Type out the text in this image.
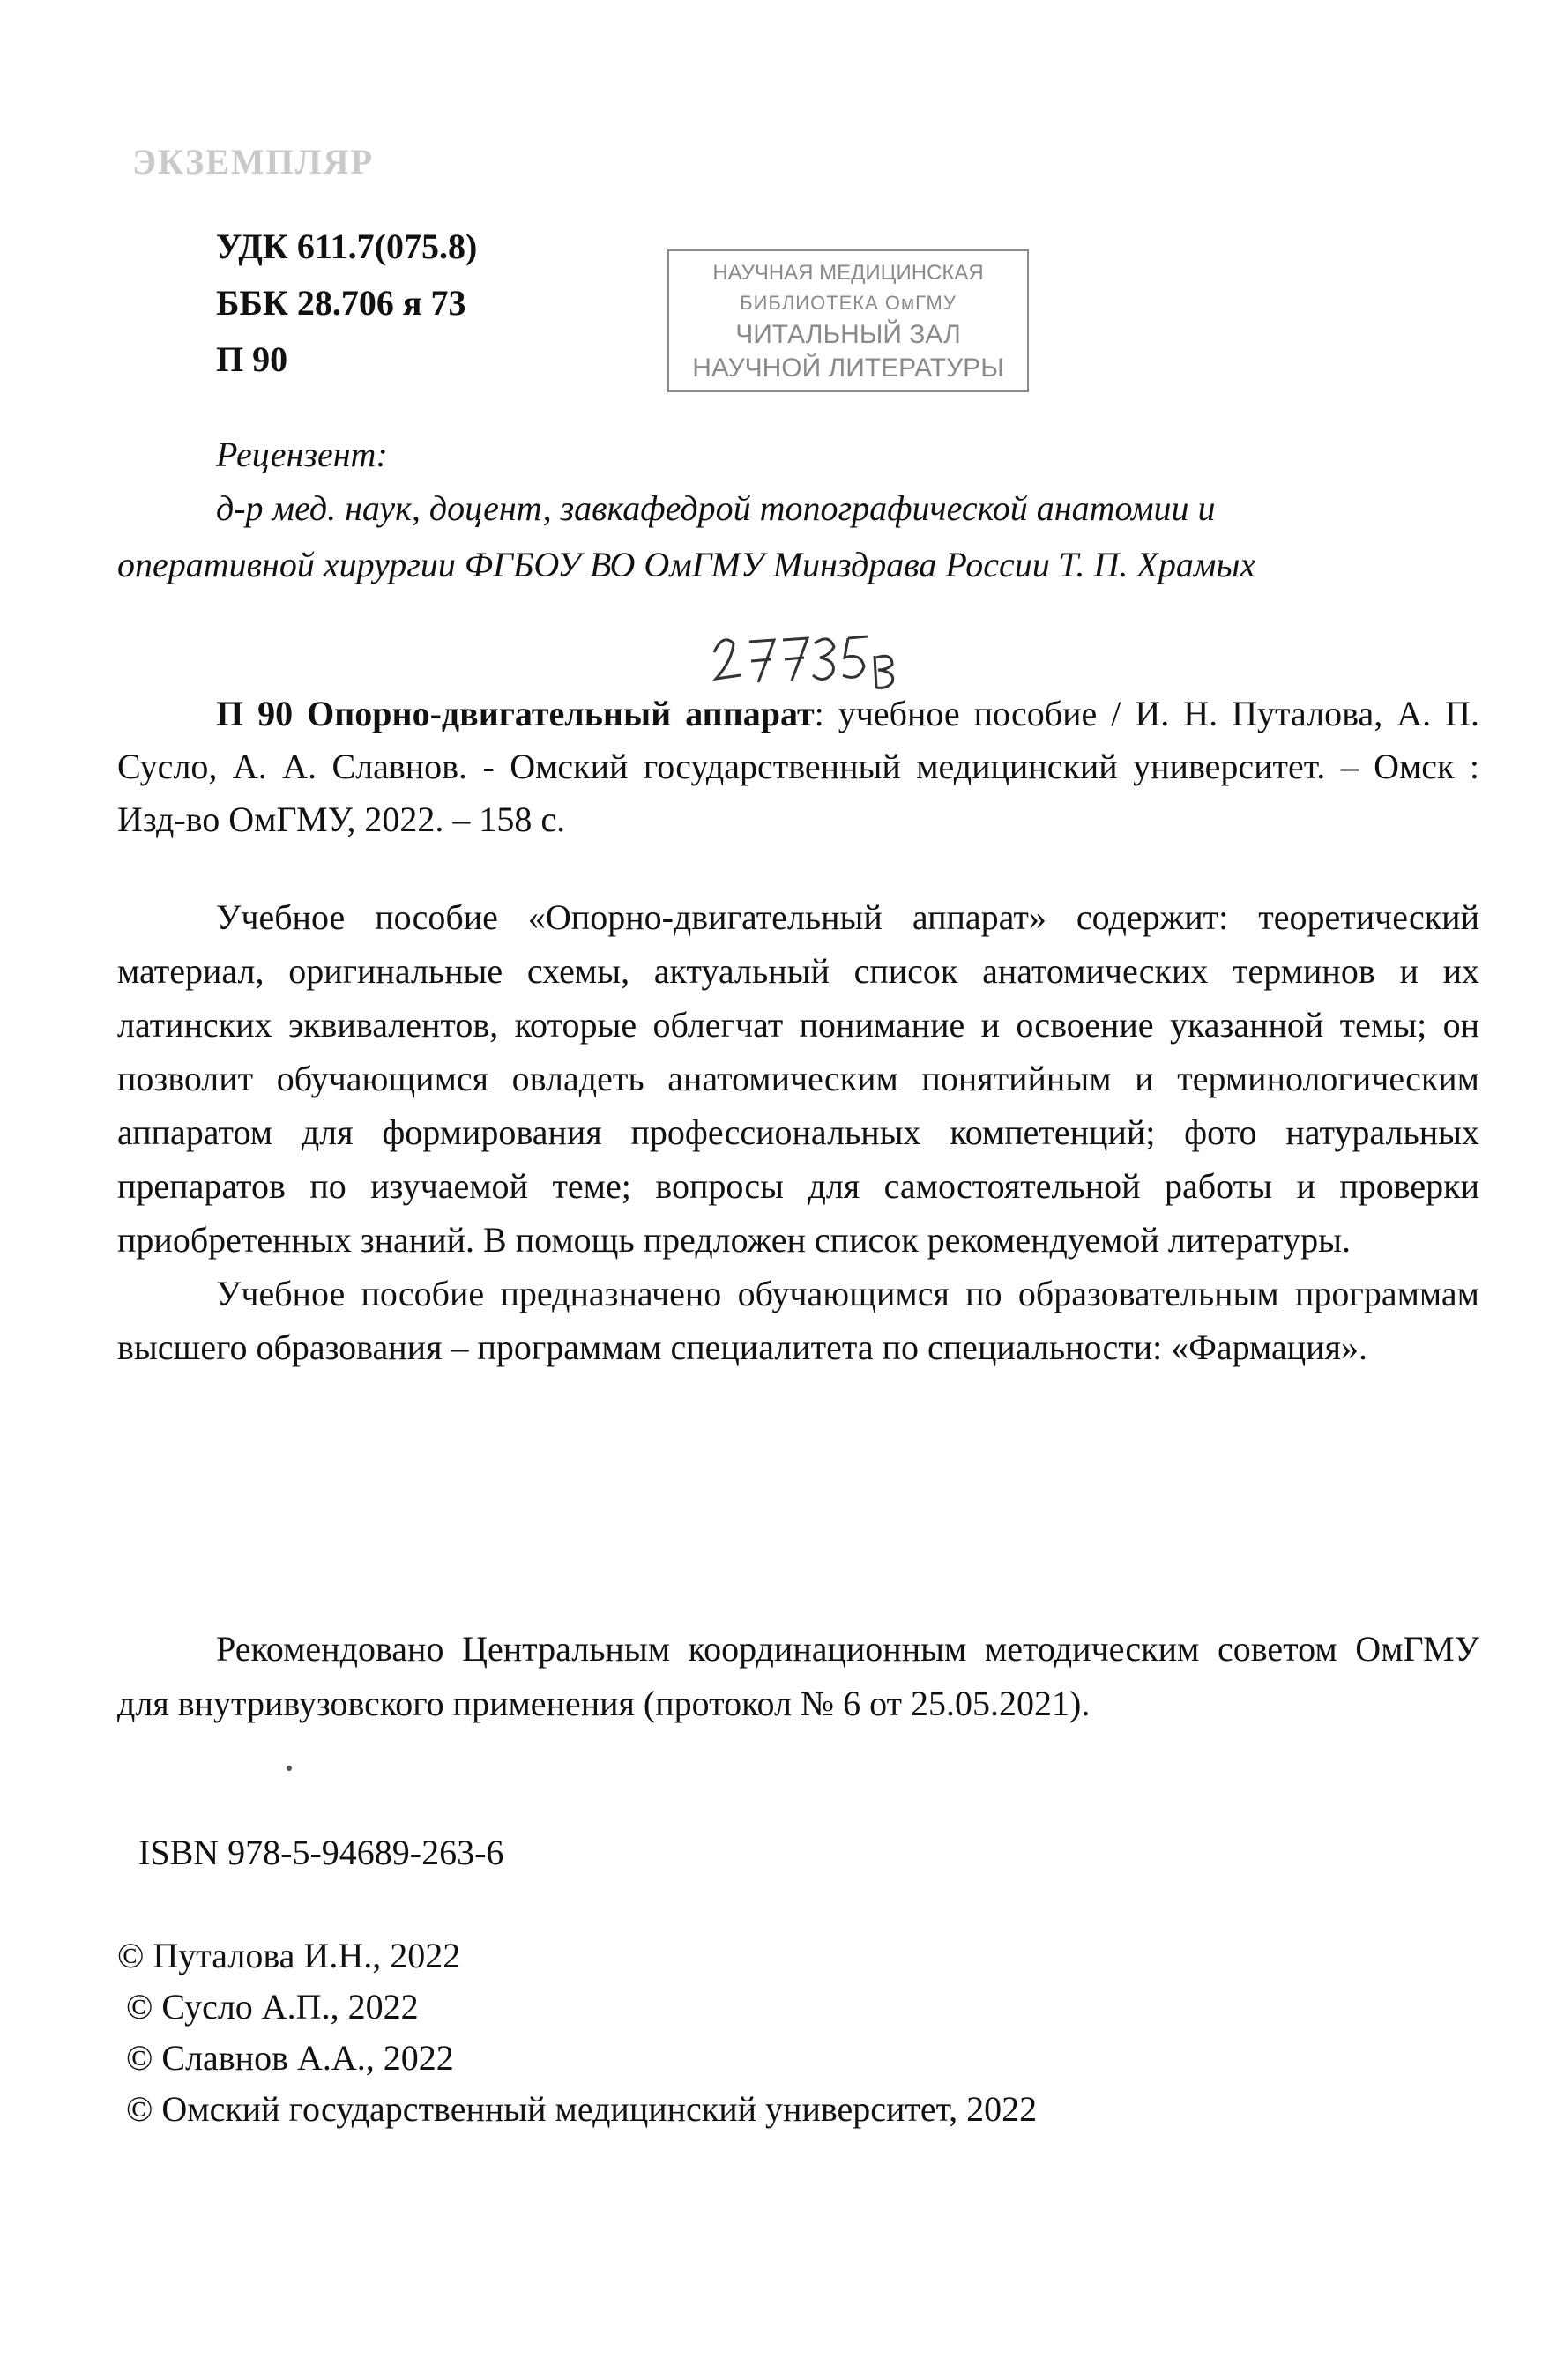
ЭКЗЕМПЛЯР
УДК 611.7(075.8)
ББК 28.706 я 73
П 90
НАУЧНАЯ МЕДИЦИНСКАЯ
БИБЛИОТЕКА ОмГМУ
ЧИТАЛЬНЫЙ ЗАЛ
НАУЧНОЙ ЛИТЕРАТУРЫ
Рецензент:
д-р мед. наук, доцент, завкафедрой топографической анатомии и
оперативной хирургии ФГБОУ ВО ОмГМУ Минздрава России Т. П. Храмых
П 90 Опорно-двигательный аппарат: учебное пособие / И. Н. Путалова, А. П. Сусло, А. А. Славнов. - Омский государственный медицинский университет. – Омск : Изд-во ОмГМУ, 2022. – 158 с.

Учебное пособие «Опорно-двигательный аппарат» содержит: теоретический материал, оригинальные схемы, актуальный список анатомических терминов и их латинских эквивалентов, которые облегчат понимание и освоение указанной темы; он позволит обучающимся овладеть анатомическим понятийным и терминологическим аппаратом для формирования профессиональных компетенций; фото натуральных препаратов по изучаемой теме; вопросы для самостоятельной работы и проверки приобретенных знаний. В помощь предложен список рекомендуемой литературы.

Учебное пособие предназначено обучающимся по образовательным программам высшего образования – программам специалитета по специальности: «Фармация».

Рекомендовано Центральным координационным методическим советом ОмГМУ для внутривузовского применения (протокол № 6 от 25.05.2021).
ISBN 978-5-94689-263-6
© Путалова И.Н., 2022
© Сусло А.П., 2022
© Славнов А.А., 2022
© Омский государственный медицинский университет, 2022
